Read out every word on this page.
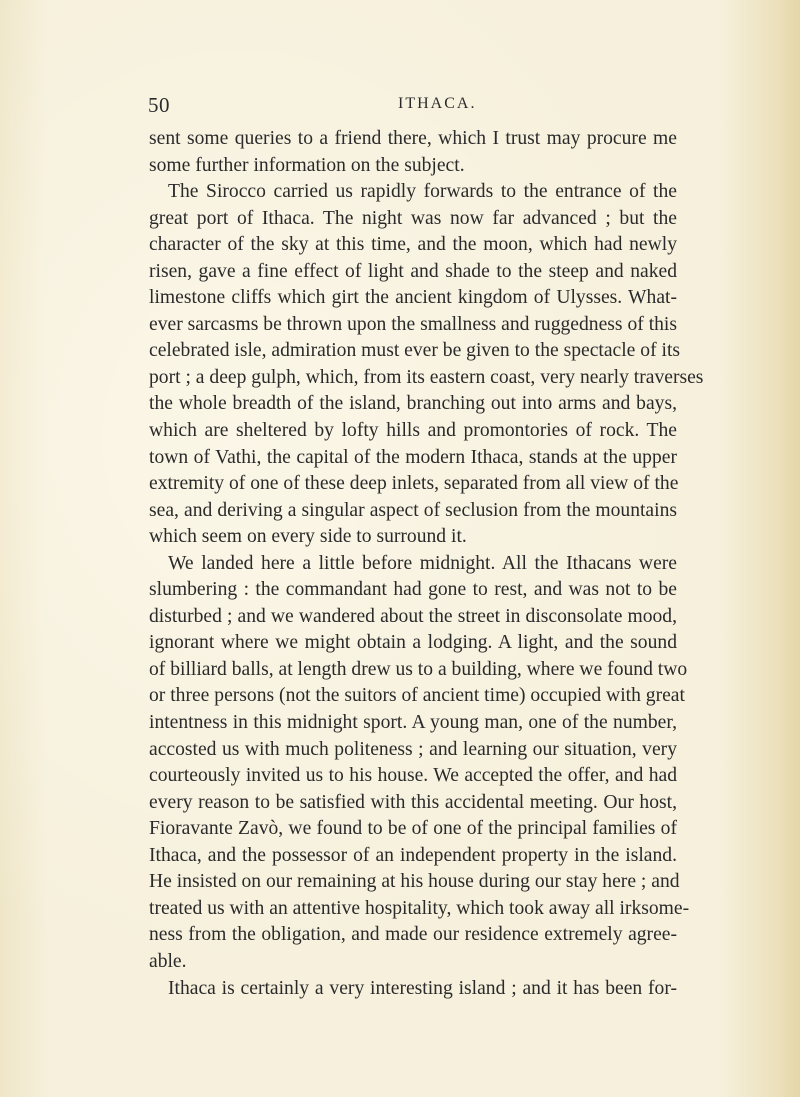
50	ITHACA.
sent some queries to a friend there, which I trust may procure me
some further information on the subject.
The Sirocco carried us rapidly forwards to the entrance of the
great port of Ithaca. The night was now far advanced ; but the
character of the sky at this time, and the moon, which had newly
risen, gave a fine effect of light and shade to the steep and naked
limestone cliffs which girt the ancient kingdom of Ulysses. What-
ever sarcasms be thrown upon the smallness and ruggedness of this
celebrated isle, admiration must ever be given to the spectacle of its
port ; a deep gulph, which, from its eastern coast, very nearly traverses
the whole breadth of the island, branching out into arms and bays,
which are sheltered by lofty hills and promontories of rock. The
town of Vathi, the capital of the modern Ithaca, stands at the upper
extremity of one of these deep inlets, separated from all view of the
sea, and deriving a singular aspect of seclusion from the mountains
which seem on every side to surround it.
We landed here a little before midnight. All the Ithacans were
slumbering : the commandant had gone to rest, and was not to be
disturbed ; and we wandered about the street in disconsolate mood,
ignorant where we might obtain a lodging. A light, and the sound
of billiard balls, at length drew us to a building, where we found two
or three persons (not the suitors of ancient time) occupied with great
intentness in this midnight sport. A young man, one of the number,
accosted us with much politeness ; and learning our situation, very
courteously invited us to his house. We accepted the offer, and had
every reason to be satisfied with this accidental meeting. Our host,
Fioravante Zavò, we found to be of one of the principal families of
Ithaca, and the possessor of an independent property in the island.
He insisted on our remaining at his house during our stay here ; and
treated us with an attentive hospitality, which took away all irksome-
ness from the obligation, and made our residence extremely agree-
able.
Ithaca is certainly a very interesting island ; and it has been for-
